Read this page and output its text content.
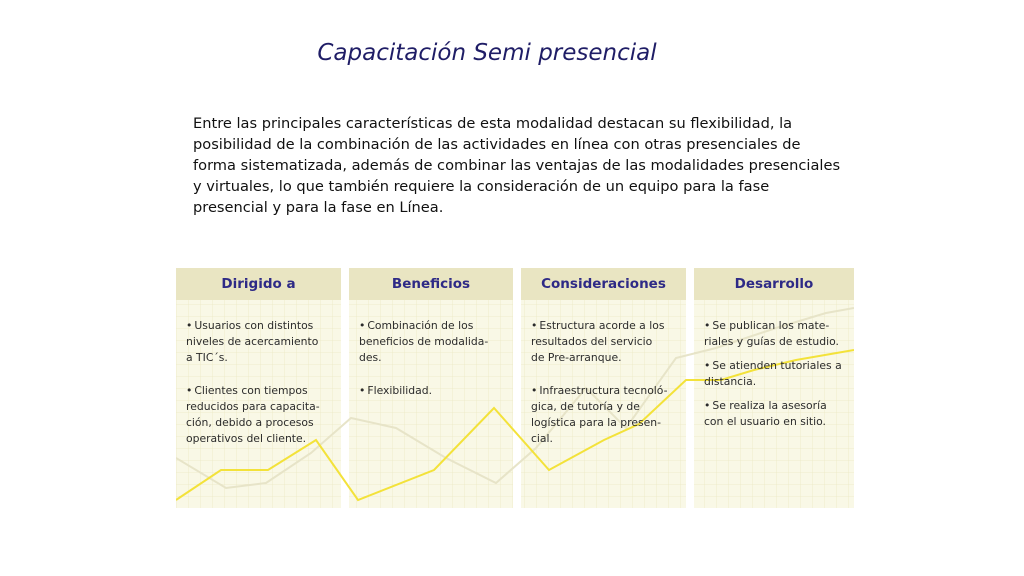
Capacitación Semi presencial
Entre las principales características de esta modalidad destacan su flexibilidad, la posibilidad de la combinación de las actividades en línea con otras presenciales de forma sistematizada, además de combinar las ventajas de las modalidades presenciales y virtuales, lo que también requiere la consideración de un equipo para la fase presencial y para la fase en Línea.
Dirigido a
• Usuarios con distintos
niveles de acercamiento
a TIC´s.
• Clientes con tiempos
reducidos para capacita-
ción, debido a procesos
operativos del cliente.
Beneficios
• Combinación de los
beneficios de modalida-
des.
• Flexibilidad.
Consideraciones
• Estructura acorde a los
resultados del servicio
de Pre-arranque.
• Infraestructura tecnoló-
gica, de tutoría y de
logística para la presen-
cial.
Desarrollo
• Se publican los mate-
riales y guías de estudio.
• Se atienden tutoriales a
distancia.
• Se realiza la asesoría
con el usuario en sitio.
